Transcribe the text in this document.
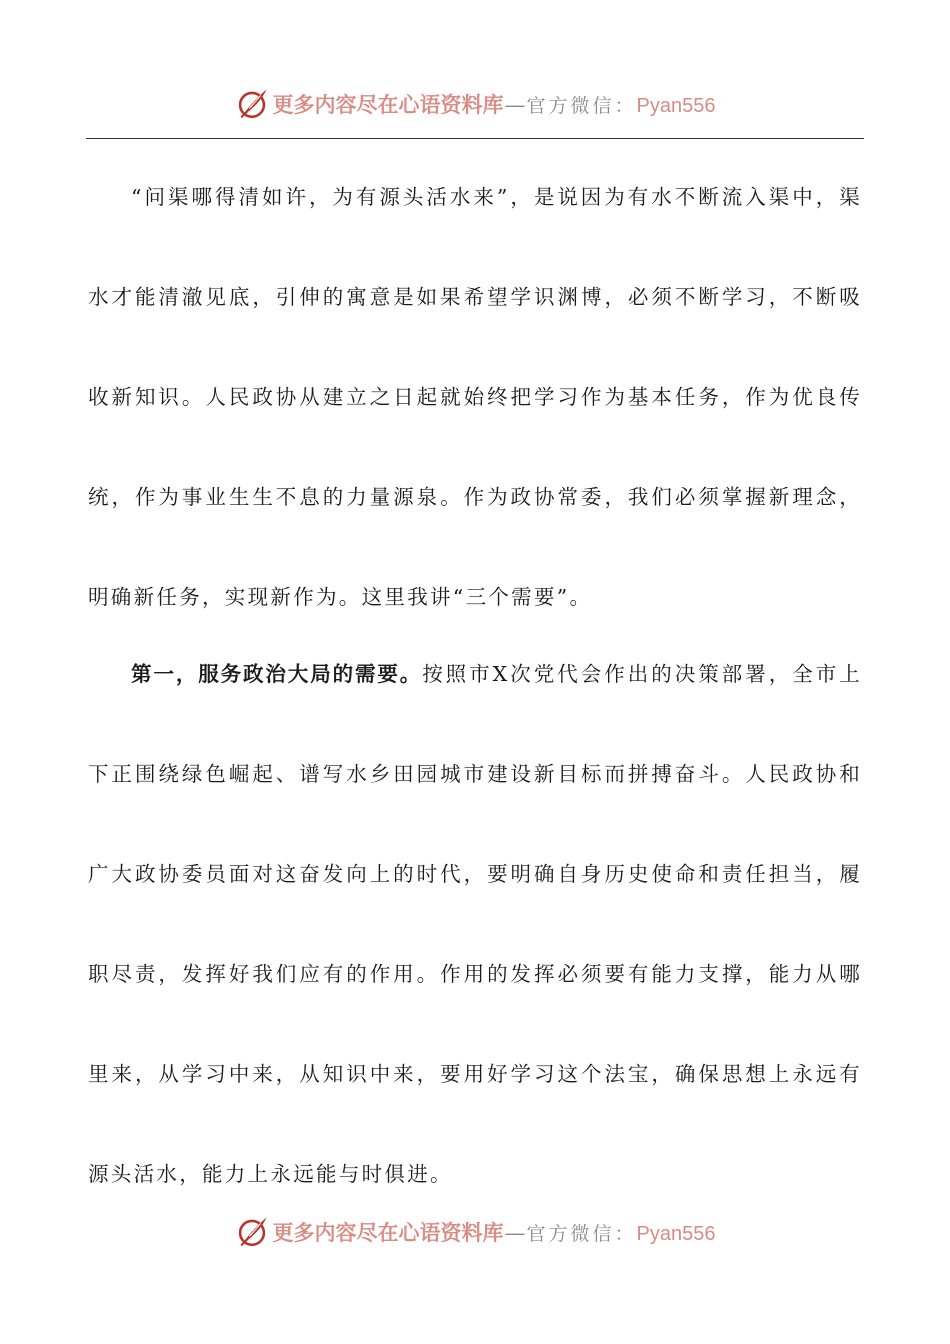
更多内容尽在心语资料库 — 官方微信： Pyan556

“问渠哪得清如许，为有源头活水来”，是说因为有水不断流入渠中，渠水才能清澈见底，引伸的寓意是如果希望学识渊博，必须不断学习，不断吸收新知识。人民政协从建立之日起就始终把学习作为基本任务，作为优良传统，作为事业生生不息的力量源泉。作为政协常委，我们必须掌握新理念，明确新任务，实现新作为。这里我讲“三个需要”。

第一，服务政治大局的需要。按照市X次党代会作出的决策部署，全市上下正围绕绿色崛起、谱写水乡田园城市建设新目标而拼搏奋斗。人民政协和广大政协委员面对这奋发向上的时代，要明确自身历史使命和责任担当，履职尽责，发挥好我们应有的作用。作用的发挥必须要有能力支撑，能力从哪里来，从学习中来，从知识中来，要用好学习这个法宝，确保思想上永远有源头活水，能力上永远能与时俱进。

更多内容尽在心语资料库 — 官方微信： Pyan556
